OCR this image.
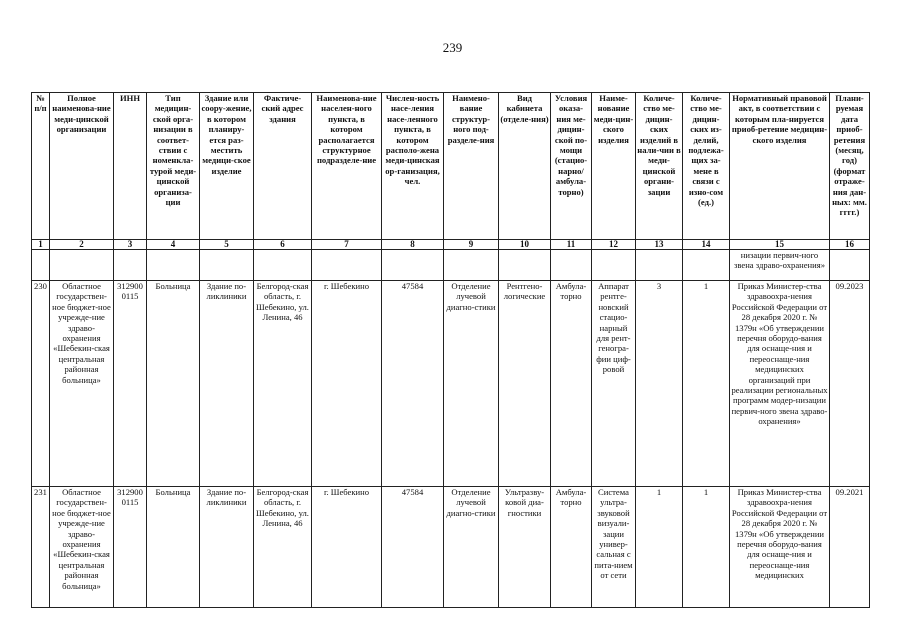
239
№ п/п	Полное наименова-ние меди-цинской организации	ИНН	Тип медицин-ской орга-низации в соответ-ствии с номенкла-турой меди-цинской организа-ции	Здание или соору-жение, в котором планиру-ется раз-местить медици-ское изделие	Фактиче-ский адрес здания	Наименова-ние населен-ного пункта, в котором располагается структурное подразделе-ние	Числен-ность насе-ления насе-ленного пункта, в котором располо-жена меди-цинская ор-ганизация, чел.	Наимено-вание структур-ного под-разделе-ния	Вид кабинета (отделе-ния)	Условия оказа-ния ме-дицин-ской по-мощи (стацио-нарно/ амбула-торно)	Наиме-нование меди-цин-ского изделия	Количе-ство ме-дицин-ских изделий в нали-чии в меди-цинской органи-зации	Количе-ство ме-дицин-ских из-делий, подлежа-щих за-мене в связи с изно-сом (ед.)	Нормативный правовой акт, в соответствии с которым пла-нируется приоб-ретение медицин-ского изделия	Плани-руемая дата приоб-ретения (месяц, год) (формат отраже-ния дан-ных: мм. гггг.)
1	2	3	4	5	6	7	8	9	10	11	12	13	14	15	16
														низации первич-ного звена здраво-охранения»	
230	Областное государствен-ное бюджет-ное учрежде-ние здраво-охранения «Шебекин-ская центральная районная больница»	312900 0115	Больница	Здание по-ликлиники	Белгород-ская область, г. Шебекино, ул. Ленина, 46	г. Шебекино	47584	Отделение лучевой диагно-стики	Рентгено-логические	Амбула-торно	Аппарат рентге-новский стацио-нарный для рент-геногра-фии циф-ровой	3	1	Приказ Министер-ства здравоохра-нения Российской Федерации от 28 декабря 2020 г. № 1379н «Об утверждении перечня оборудо-вания для оснаще-ния и переоснаще-ния медицинских организаций при реализации региональных программ модер-низации первич-ного звена здраво-охранения»	09.2023
231	Областное государствен-ное бюджет-ное учрежде-ние здраво-охранения «Шебекин-ская центральная районная больница»	312900 0115	Больница	Здание по-ликлиники	Белгород-ская область, г. Шебекино, ул. Ленина, 46	г. Шебекино	47584	Отделение лучевой диагно-стики	Ультразву-ковой диа-гностики	Амбула-торно	Система ультра-звуковой визуали-зации универ-сальная с пита-нием от сети	1	1	Приказ Министер-ства здравоохра-нения Российской Федерации от 28 декабря 2020 г. № 1379н «Об утверждении перечня оборудо-вания для оснаще-ния и переоснаще-ния медицинских	09.2021
